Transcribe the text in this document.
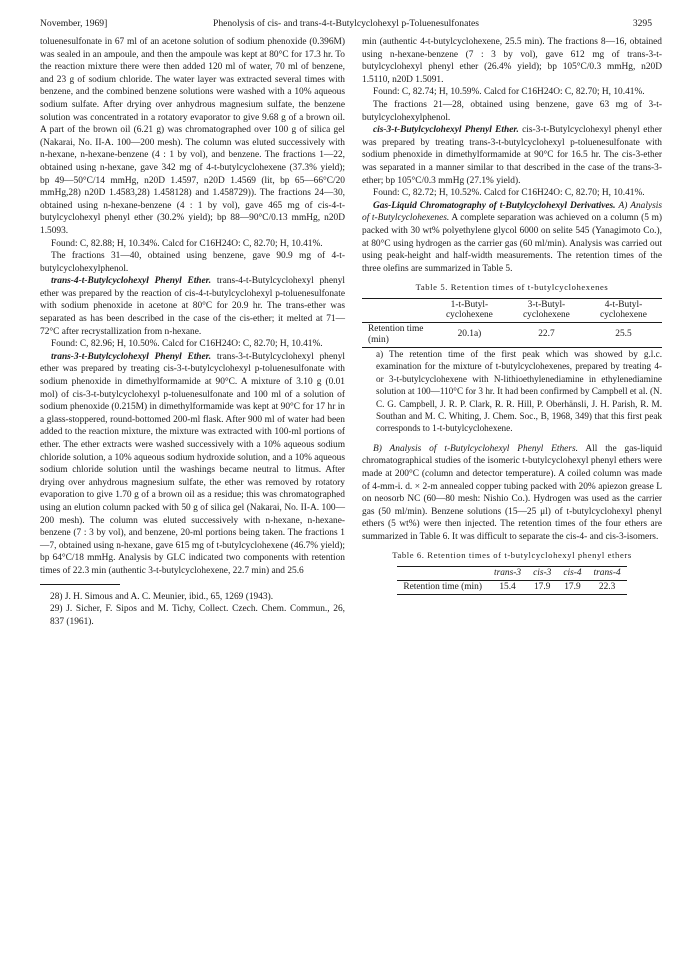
November, 1969]	Phenolysis of cis- and trans-4-t-Butylcyclohexyl p-Toluenesulfonates	3295

toluenesulfonate in 67 ml of an acetone solution of sodium phenoxide (0.396M) was sealed in an ampoule, and then the ampoule was kept at 80°C for 17.3 hr. To the reaction mixture there were then added 120 ml of water, 70 ml of benzene, and 23 g of sodium chloride. The water layer was extracted several times with benzene, and the combined benzene solutions were washed with a 10% aqueous sodium sulfate. After drying over anhydrous magnesium sulfate, the benzene solution was concentrated in a rotatory evaporator to give 9.68 g of a brown oil. A part of the brown oil (6.21 g) was chromatographed over 100 g of silica gel (Nakarai, No. II-A. 100—200 mesh). The column was eluted successively with n-hexane, n-hexane-benzene (4 : 1 by vol), and benzene. The fractions 1—22, obtained using n-hexane, gave 342 mg of 4-t-butylcyclohexene (37.3% yield); bp 49—50°C/14 mmHg, n20D 1.4597, n20D 1.4569 (lit, bp 65—66°C/20 mmHg,28) n20D 1.4583,28) 1.458128) and 1.458729)). The fractions 24—30, obtained using n-hexane-benzene (4 : 1 by vol), gave 465 mg of cis-4-t-butylcyclohexyl phenyl ether (30.2% yield); bp 88—90°C/0.13 mmHg, n20D 1.5093.

Found: C, 82.88; H, 10.34%. Calcd for C16H24O: C, 82.70; H, 10.41%.

The fractions 31—40, obtained using benzene, gave 90.9 mg of 4-t-butylcyclohexylphenol.

trans-4-t-Butylcyclohexyl Phenyl Ether. trans-4-t-Butylcyclohexyl phenyl ether was prepared by the reaction of cis-4-t-butylcyclohexyl p-toluenesulfonate with sodium phenoxide in acetone at 80°C for 20.9 hr. The trans-ether was separated as has been described in the case of the cis-ether; it melted at 71—72°C after recrystallization from n-hexane.

Found: C, 82.96; H, 10.50%. Calcd for C16H24O: C, 82.70; H, 10.41%.

trans-3-t-Butylcyclohexyl Phenyl Ether. trans-3-t-Butylcyclohexyl phenyl ether was prepared by treating cis-3-t-butylcyclohexyl p-toluenesulfonate with sodium phenoxide in dimethylformamide at 90°C. A mixture of 3.10 g (0.01 mol) of cis-3-t-butylcyclohexyl p-toluenesulfonate and 100 ml of a solution of sodium phenoxide (0.215M) in dimethylformamide was kept at 90°C for 17 hr in a glass-stoppered, round-bottomed 200-ml flask. After 900 ml of water had been added to the reaction mixture, the mixture was extracted with 100-ml portions of ether. The ether extracts were washed successively with a 10% aqueous sodium chloride solution, a 10% aqueous sodium hydroxide solution, and a 10% aqueous sodium chloride solution until the washings became neutral to litmus. After drying over anhydrous magnesium sulfate, the ether was removed by rotatory evaporation to give 1.70 g of a brown oil as a residue; this was chromatographed using an elution column packed with 50 g of silica gel (Nakarai, No. II-A. 100—200 mesh). The column was eluted successively with n-hexane, n-hexane-benzene (7 : 3 by vol), and benzene, 20-ml portions being taken. The fractions 1—7, obtained using n-hexane, gave 615 mg of t-butylcyclohexene (46.7% yield); bp 64°C/18 mmHg. Analysis by GLC indicated two components with retention times of 22.3 min (authentic 3-t-butylcyclohexene, 22.7 min) and 25.6

28) J. H. Simous and A. C. Meunier, ibid., 65, 1269 (1943).

29) J. Sicher, F. Sipos and M. Tichy, Collect. Czech. Chem. Commun., 26, 837 (1961).

min (authentic 4-t-butylcyclohexene, 25.5 min). The fractions 8—16, obtained using n-hexane-benzene (7 : 3 by vol), gave 612 mg of trans-3-t-butylcyclohexyl phenyl ether (26.4% yield); bp 105°C/0.3 mmHg, n20D 1.5110, n20D 1.5091.

Found: C, 82.74; H, 10.59%. Calcd for C16H24O: C, 82.70; H, 10.41%.

The fractions 21—28, obtained using benzene, gave 63 mg of 3-t-butylcyclohexylphenol.

cis-3-t-Butylcyclohexyl Phenyl Ether. cis-3-t-Butylcyclohexyl phenyl ether was prepared by treating trans-3-t-butylcyclohexyl p-toluenesulfonate with sodium phenoxide in dimethylformamide at 90°C for 16.5 hr. The cis-3-ether was separated in a manner similar to that described in the case of the trans-3-ether; bp 105°C/0.3 mmHg (27.1% yield).

Found: C, 82.72; H, 10.52%. Calcd for C16H24O: C, 82.70; H, 10.41%.

Gas-Liquid Chromatography of t-Butylcyclohexyl Derivatives. A) Analysis of t-Butylcyclohexenes. A complete separation was achieved on a column (5 m) packed with 30 wt% polyethylene glycol 6000 on selite 545 (Yanagimoto Co.), at 80°C using hydrogen as the carrier gas (60 ml/min). Analysis was carried out using peak-height and half-width measurements. The retention times of the three olefins are summarized in Table 5.

Table 5. Retention times of t-butylcyclohexenes
	1-t-Butyl-cyclohexene	3-t-Butyl-cyclohexene	4-t-Butyl-cyclohexene
Retention time (min)	20.1a)	22.7	25.5

a) The retention time of the first peak which was showed by g.l.c. examination for the mixture of t-butylcyclohexenes, prepared by treating 4- or 3-t-butylcyclohexene with N-lithioethylenediamine in ethylenediamine solution at 100—110°C for 3 hr. It had been confirmed by Campbell et al. (N. C. G. Campbell, J. R. P. Clark, R. R. Hill, P. Oberhänsli, J. H. Parish, R. M. Southan and M. C. Whiting, J. Chem. Soc., B, 1968, 349) that this first peak corresponds to 1-t-butylcyclohexene.

B) Analysis of t-Butylcyclohexyl Phenyl Ethers. All the gas-liquid chromatographical studies of the isomeric t-butylcyclohexyl phenyl ethers were made at 200°C (column and detector temperature). A coiled column was made of 4-mm-i. d. × 2-m annealed copper tubing packed with 20% apiezon grease L on neosorb NC (60—80 mesh: Nishio Co.). Hydrogen was used as the carrier gas (50 ml/min). Benzene solutions (15—25 μl) of t-butylcyclohexyl phenyl ethers (5 wt%) were then injected. The retention times of the four ethers are summarized in Table 6. It was difficult to separate the cis-4- and cis-3-isomers.

Table 6. Retention times of t-butylcyclohexyl phenyl ethers
	trans-3	cis-3	cis-4	trans-4
Retention time (min)	15.4	17.9	17.9	22.3
